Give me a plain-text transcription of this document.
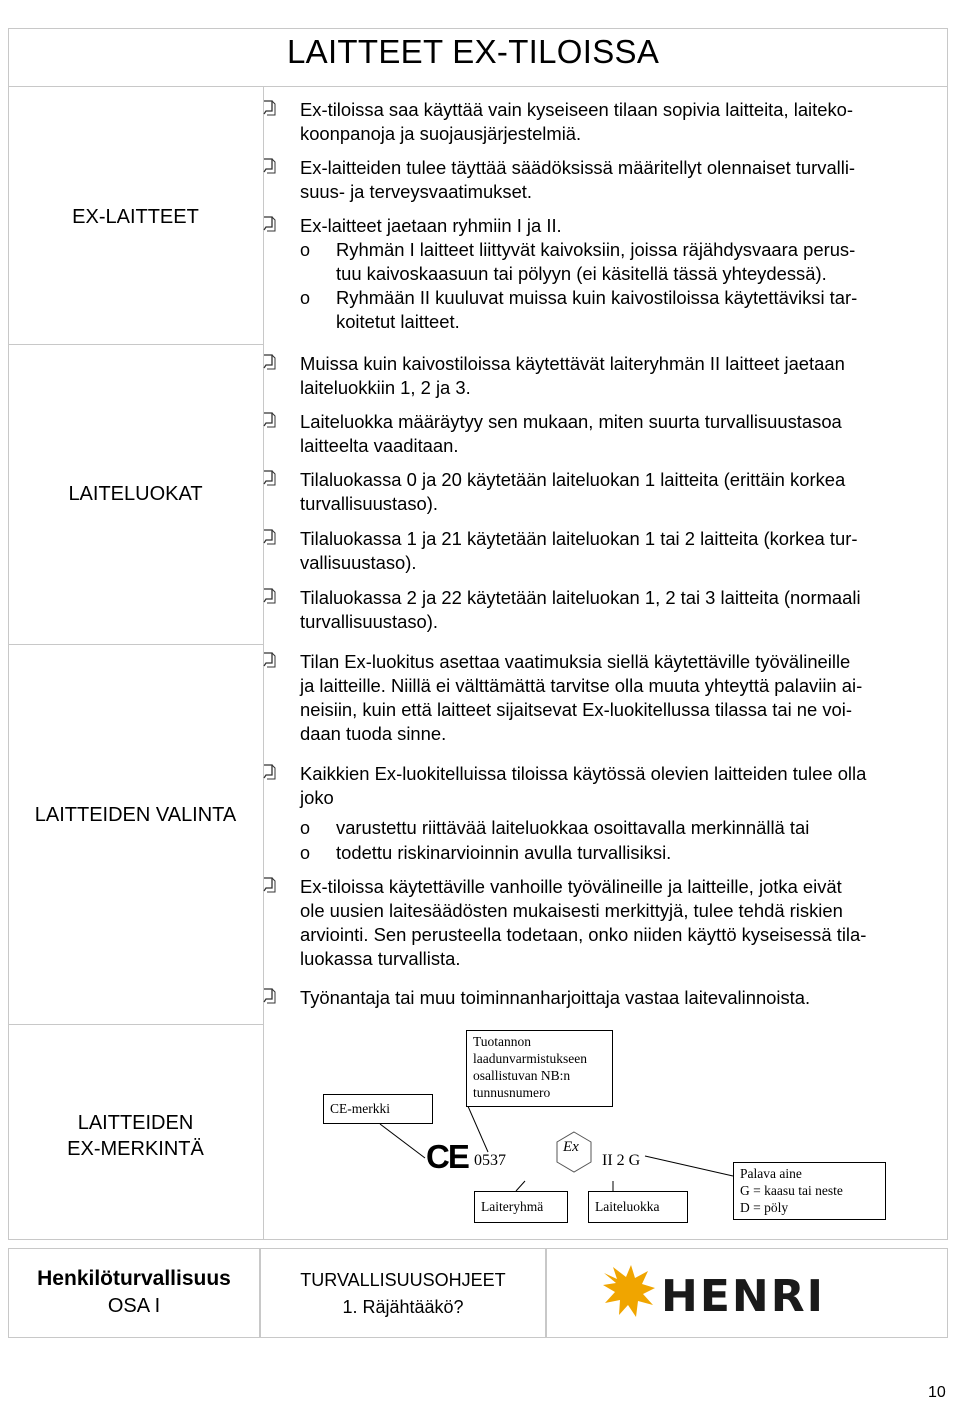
LAITTEET EX-TILOISSA
EX-LAITTEET
LAITELUOKAT
LAITTEIDEN VALINTA
LAITTEIDEN
EX-MERKINTÄ
Ex-tiloissa saa käyttää vain kyseiseen tilaan sopivia laitteita, laiteko-
koonpanoja ja suojausjärjestelmiä.
Ex-laitteiden tulee täyttää säädöksissä määritellyt olennaiset turvalli-
suus- ja terveysvaatimukset.
Ex-laitteet jaetaan ryhmiin I ja II.
o Ryhmän I laitteet liittyvät kaivoksiin, joissa räjähdysvaara perus-
tuu kaivoskaasuun tai pölyyn (ei käsitellä tässä yhteydessä).
o Ryhmään II kuuluvat muissa kuin kaivostiloissa käytettäviksi tar-
koitetut laitteet.
Muissa kuin kaivostiloissa käytettävät laiteryhmän II laitteet jaetaan
laiteluokkiin 1, 2 ja 3.
Laiteluokka määräytyy sen mukaan, miten suurta turvallisuustasoa
laitteelta vaaditaan.
Tilaluokassa 0 ja 20 käytetään laiteluokan 1 laitteita (erittäin korkea
turvallisuustaso).
Tilaluokassa 1 ja 21 käytetään laiteluokan 1 tai 2 laitteita (korkea tur-
vallisuustaso).
Tilaluokassa 2 ja 22 käytetään laiteluokan 1, 2 tai 3 laitteita (normaali
turvallisuustaso).
Tilan Ex-luokitus asettaa vaatimuksia siellä käytettäville työvälineille
ja laitteille. Niillä ei välttämättä tarvitse olla muuta yhteyttä palaviin ai-
neisiin, kuin että laitteet sijaitsevat Ex-luokitellussa tilassa tai ne voi-
daan tuoda sinne.
Kaikkien Ex-luokitelluissa tiloissa käytössä olevien laitteiden tulee olla
joko
o varustettu riittävää laiteluokkaa osoittavalla merkinnällä tai
o todettu riskinarvioinnin avulla turvallisiksi.
Ex-tiloissa käytettäville vanhoille työvälineille ja laitteille, jotka eivät
ole uusien laitesäädösten mukaisesti merkittyjä, tulee tehdä riskien
arviointi. Sen perusteella todetaan, onko niiden käyttö kyseisessä tila-
luokassa turvallista.
Työnantaja tai muu toiminnanharjoittaja vastaa laitevalinnoista.
CE-merkki
Tuotannon
laadunvarmistukseen
osallistuvan NB:n
tunnusnumero
CE 0537
Ex
II 2 G
Laiteryhmä	Laiteluokka
Palava aine
G = kaasu tai neste
D = pöly
Henkilöturvallisuus
OSA I
TURVALLISUUSOHJEET
1. Räjähtääkö?	HENRI
10
